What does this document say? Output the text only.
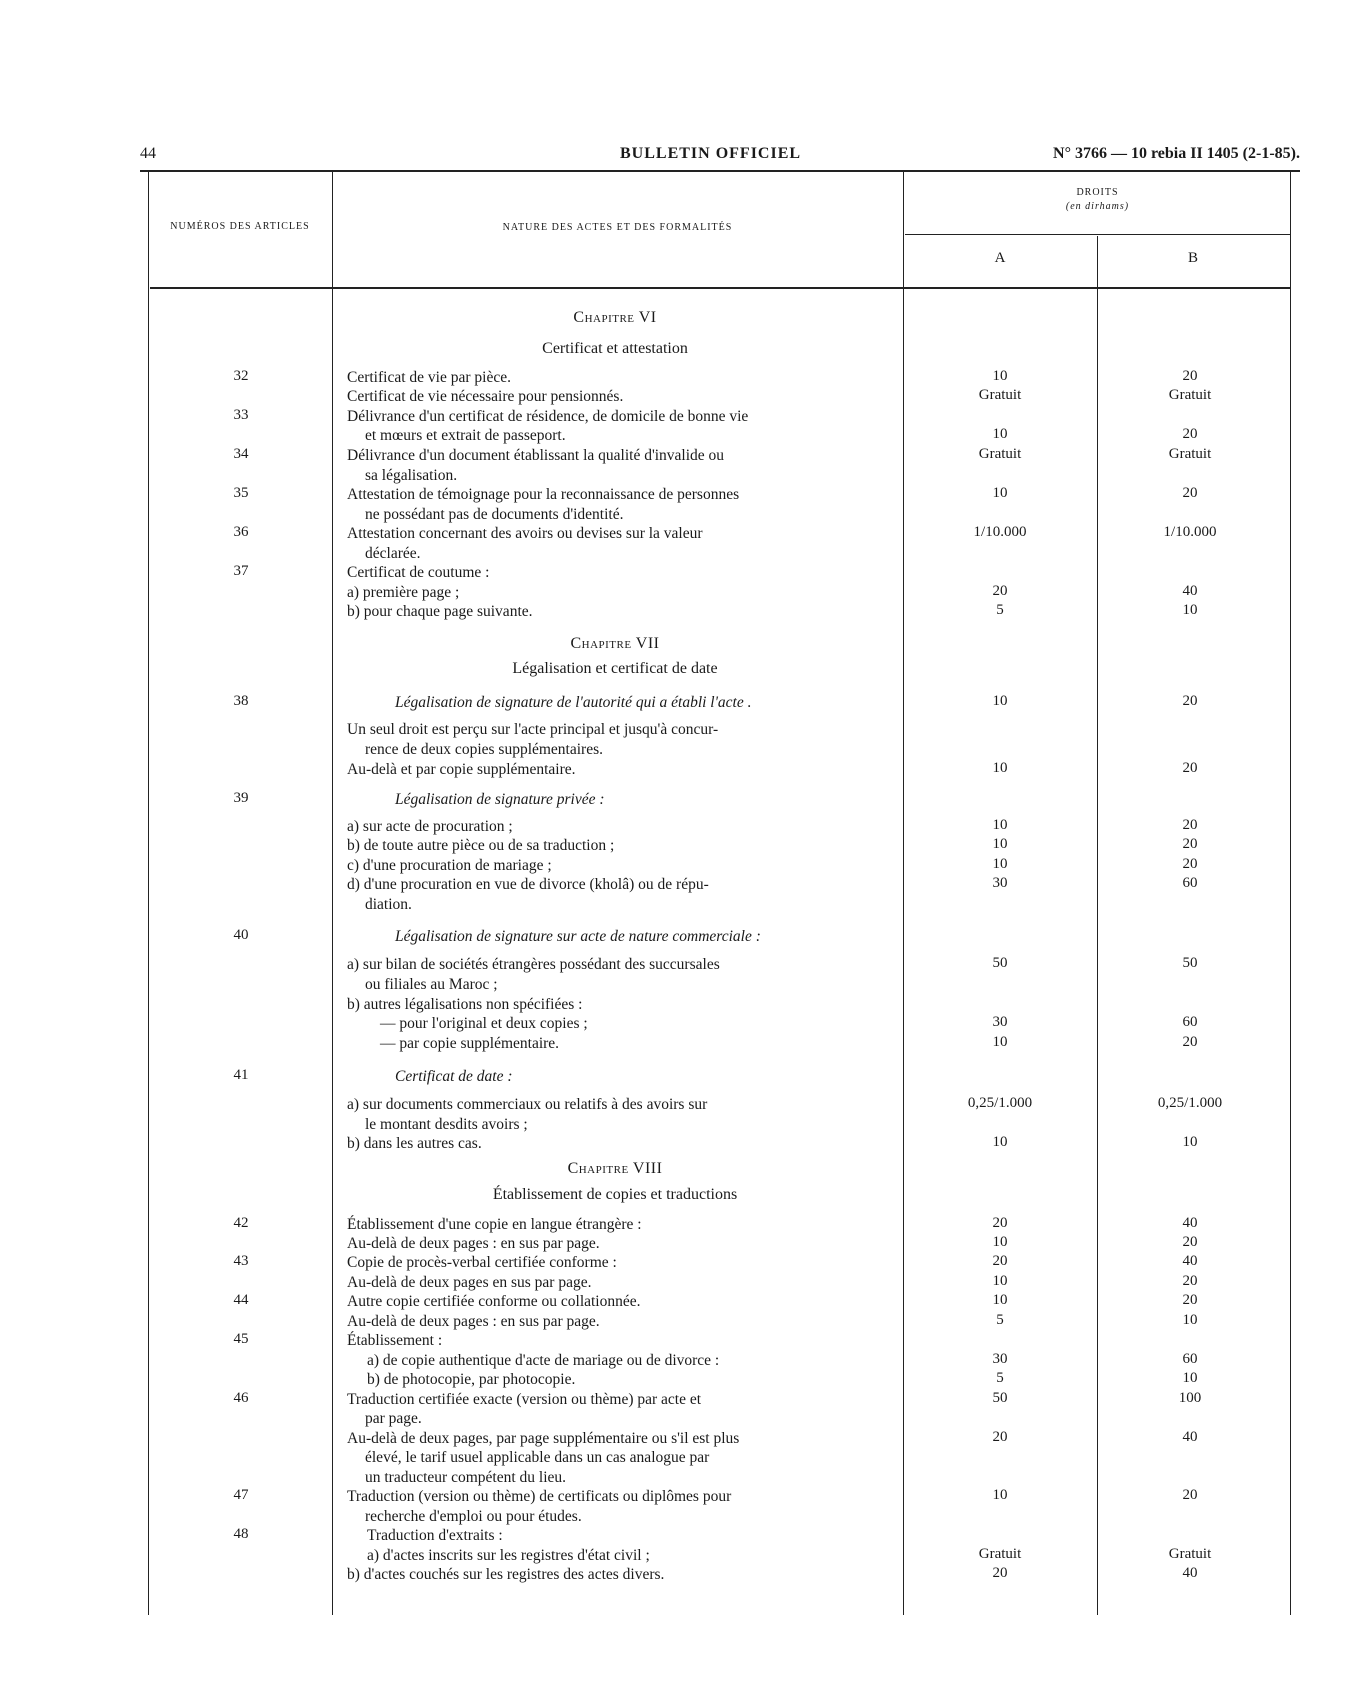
44	BULLETIN OFFICIEL	N° 3766 — 10 rebia II 1405 (2-1-85).
NUMÉROS DES ARTICLES	NATURE DES ACTES ET DES FORMALITÉS
DROITS
(en dirhams)
A	B
Chapitre VI
Certificat et attestation
Chapitre VII
Légalisation et certificat de date
Chapitre VIII
Établissement de copies et traductions
32	Certificat de vie par pièce.	10	20
Certificat de vie nécessaire pour pensionnés.	Gratuit	Gratuit
33	Délivrance d'un certificat de résidence, de domicile de bonne vie
et mœurs et extrait de passeport.	10	20
34	Délivrance d'un document établissant la qualité d'invalide ou	Gratuit	Gratuit
sa légalisation.
35	Attestation de témoignage pour la reconnaissance de personnes	10	20
ne possédant pas de documents d'identité.
36	Attestation concernant des avoirs ou devises sur la valeur	1/10.000	1/10.000
déclarée.
37	Certificat de coutume :
a) première page ;	20	40
b) pour chaque page suivante.	5	10
38	Légalisation de signature de l'autorité qui a établi l'acte .	10	20
Un seul droit est perçu sur l'acte principal et jusqu'à concur-
rence de deux copies supplémentaires.
Au-delà et par copie supplémentaire.	10	20
39	Légalisation de signature privée :
a) sur acte de procuration ;	10	20
b) de toute autre pièce ou de sa traduction ;	10	20
c) d'une procuration de mariage ;	10	20
d) d'une procuration en vue de divorce (kholâ) ou de répu-	30	60
diation.
40	Légalisation de signature sur acte de nature commerciale :
a) sur bilan de sociétés étrangères possédant des succursales	50	50
ou filiales au Maroc ;
b) autres légalisations non spécifiées :
— pour l'original et deux copies ;	30	60
— par copie supplémentaire.	10	20
41	Certificat de date :
a) sur documents commerciaux ou relatifs à des avoirs sur	0,25/1.000	0,25/1.000
le montant desdits avoirs ;
b) dans les autres cas.	10	10
42	Établissement d'une copie en langue étrangère :	20	40
Au-delà de deux pages : en sus par page.	10	20
43	Copie de procès-verbal certifiée conforme :	20	40
Au-delà de deux pages en sus par page.	10	20
44	Autre copie certifiée conforme ou collationnée.	10	20
Au-delà de deux pages : en sus par page.	5	10
45	Établissement :
a) de copie authentique d'acte de mariage ou de divorce :	30	60
b) de photocopie, par photocopie.	5	10
46	Traduction certifiée exacte (version ou thème) par acte et	50	100
par page.
Au-delà de deux pages, par page supplémentaire ou s'il est plus	20	40
élevé, le tarif usuel applicable dans un cas analogue par
un traducteur compétent du lieu.
47	Traduction (version ou thème) de certificats ou diplômes pour	10	20
recherche d'emploi ou pour études.
48	Traduction d'extraits :
a) d'actes inscrits sur les registres d'état civil ;	Gratuit	Gratuit
b) d'actes couchés sur les registres des actes divers.	20	40
